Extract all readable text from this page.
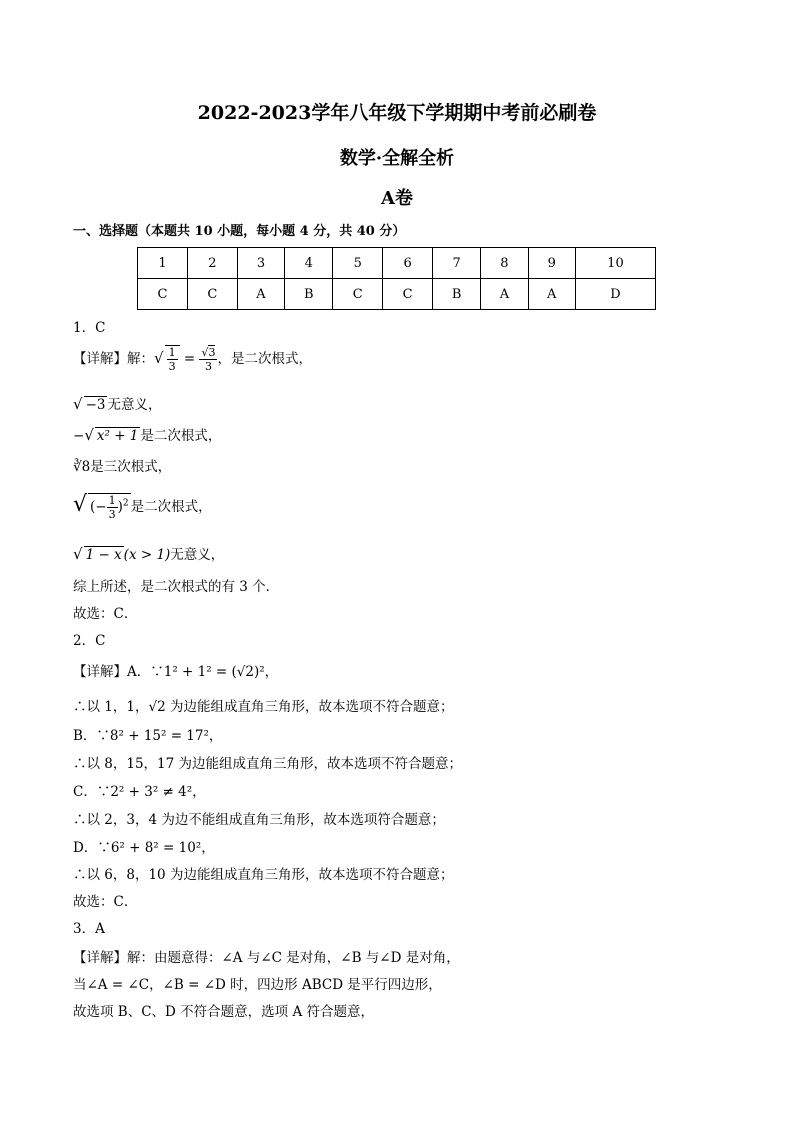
2022-2023学年八年级下学期期中考前必刷卷
数学·全解全析
A卷
一、选择题（本题共 10 小题，每小题 4 分，共 40 分）
1	2	3	4	5	6	7	8	9	10
C	C	A	B	C	C	B	A	A	D
1．C
【详解】解：√ $\frac{1}{3} = \frac{√3}{3}$ ，是二次根式，
√ −3 无意义，
−√ x² + 1 是二次根式，
∛8是三次根式，
√ (− $\frac{1}{3} )^2$ 是二次根式，
√ 1 − x (x > 1)无意义，
综上所述，是二次根式的有 3 个．
故选：C．
2．C
【详解】A．∵1² + 1² = (√2)²，
∴以 1，1，√2 为边能组成直角三角形，故本选项不符合题意；
B．∵8² + 15² = 17²，
∴以 8，15，17 为边能组成直角三角形，故本选项不符合题意；
C．∵2² + 3² ≠ 4²，
∴以 2，3，4 为边不能组成直角三角形，故本选项符合题意；
D．∵6² + 8² = 10²，
∴以 6，8，10 为边能组成直角三角形，故本选项不符合题意；
故选：C．
3．A
【详解】解：由题意得：∠A 与∠C 是对角，∠B 与∠D 是对角，
当∠A = ∠C，∠B = ∠D 时，四边形 ABCD 是平行四边形，
故选项 B、C、D 不符合题意，选项 A 符合题意，
